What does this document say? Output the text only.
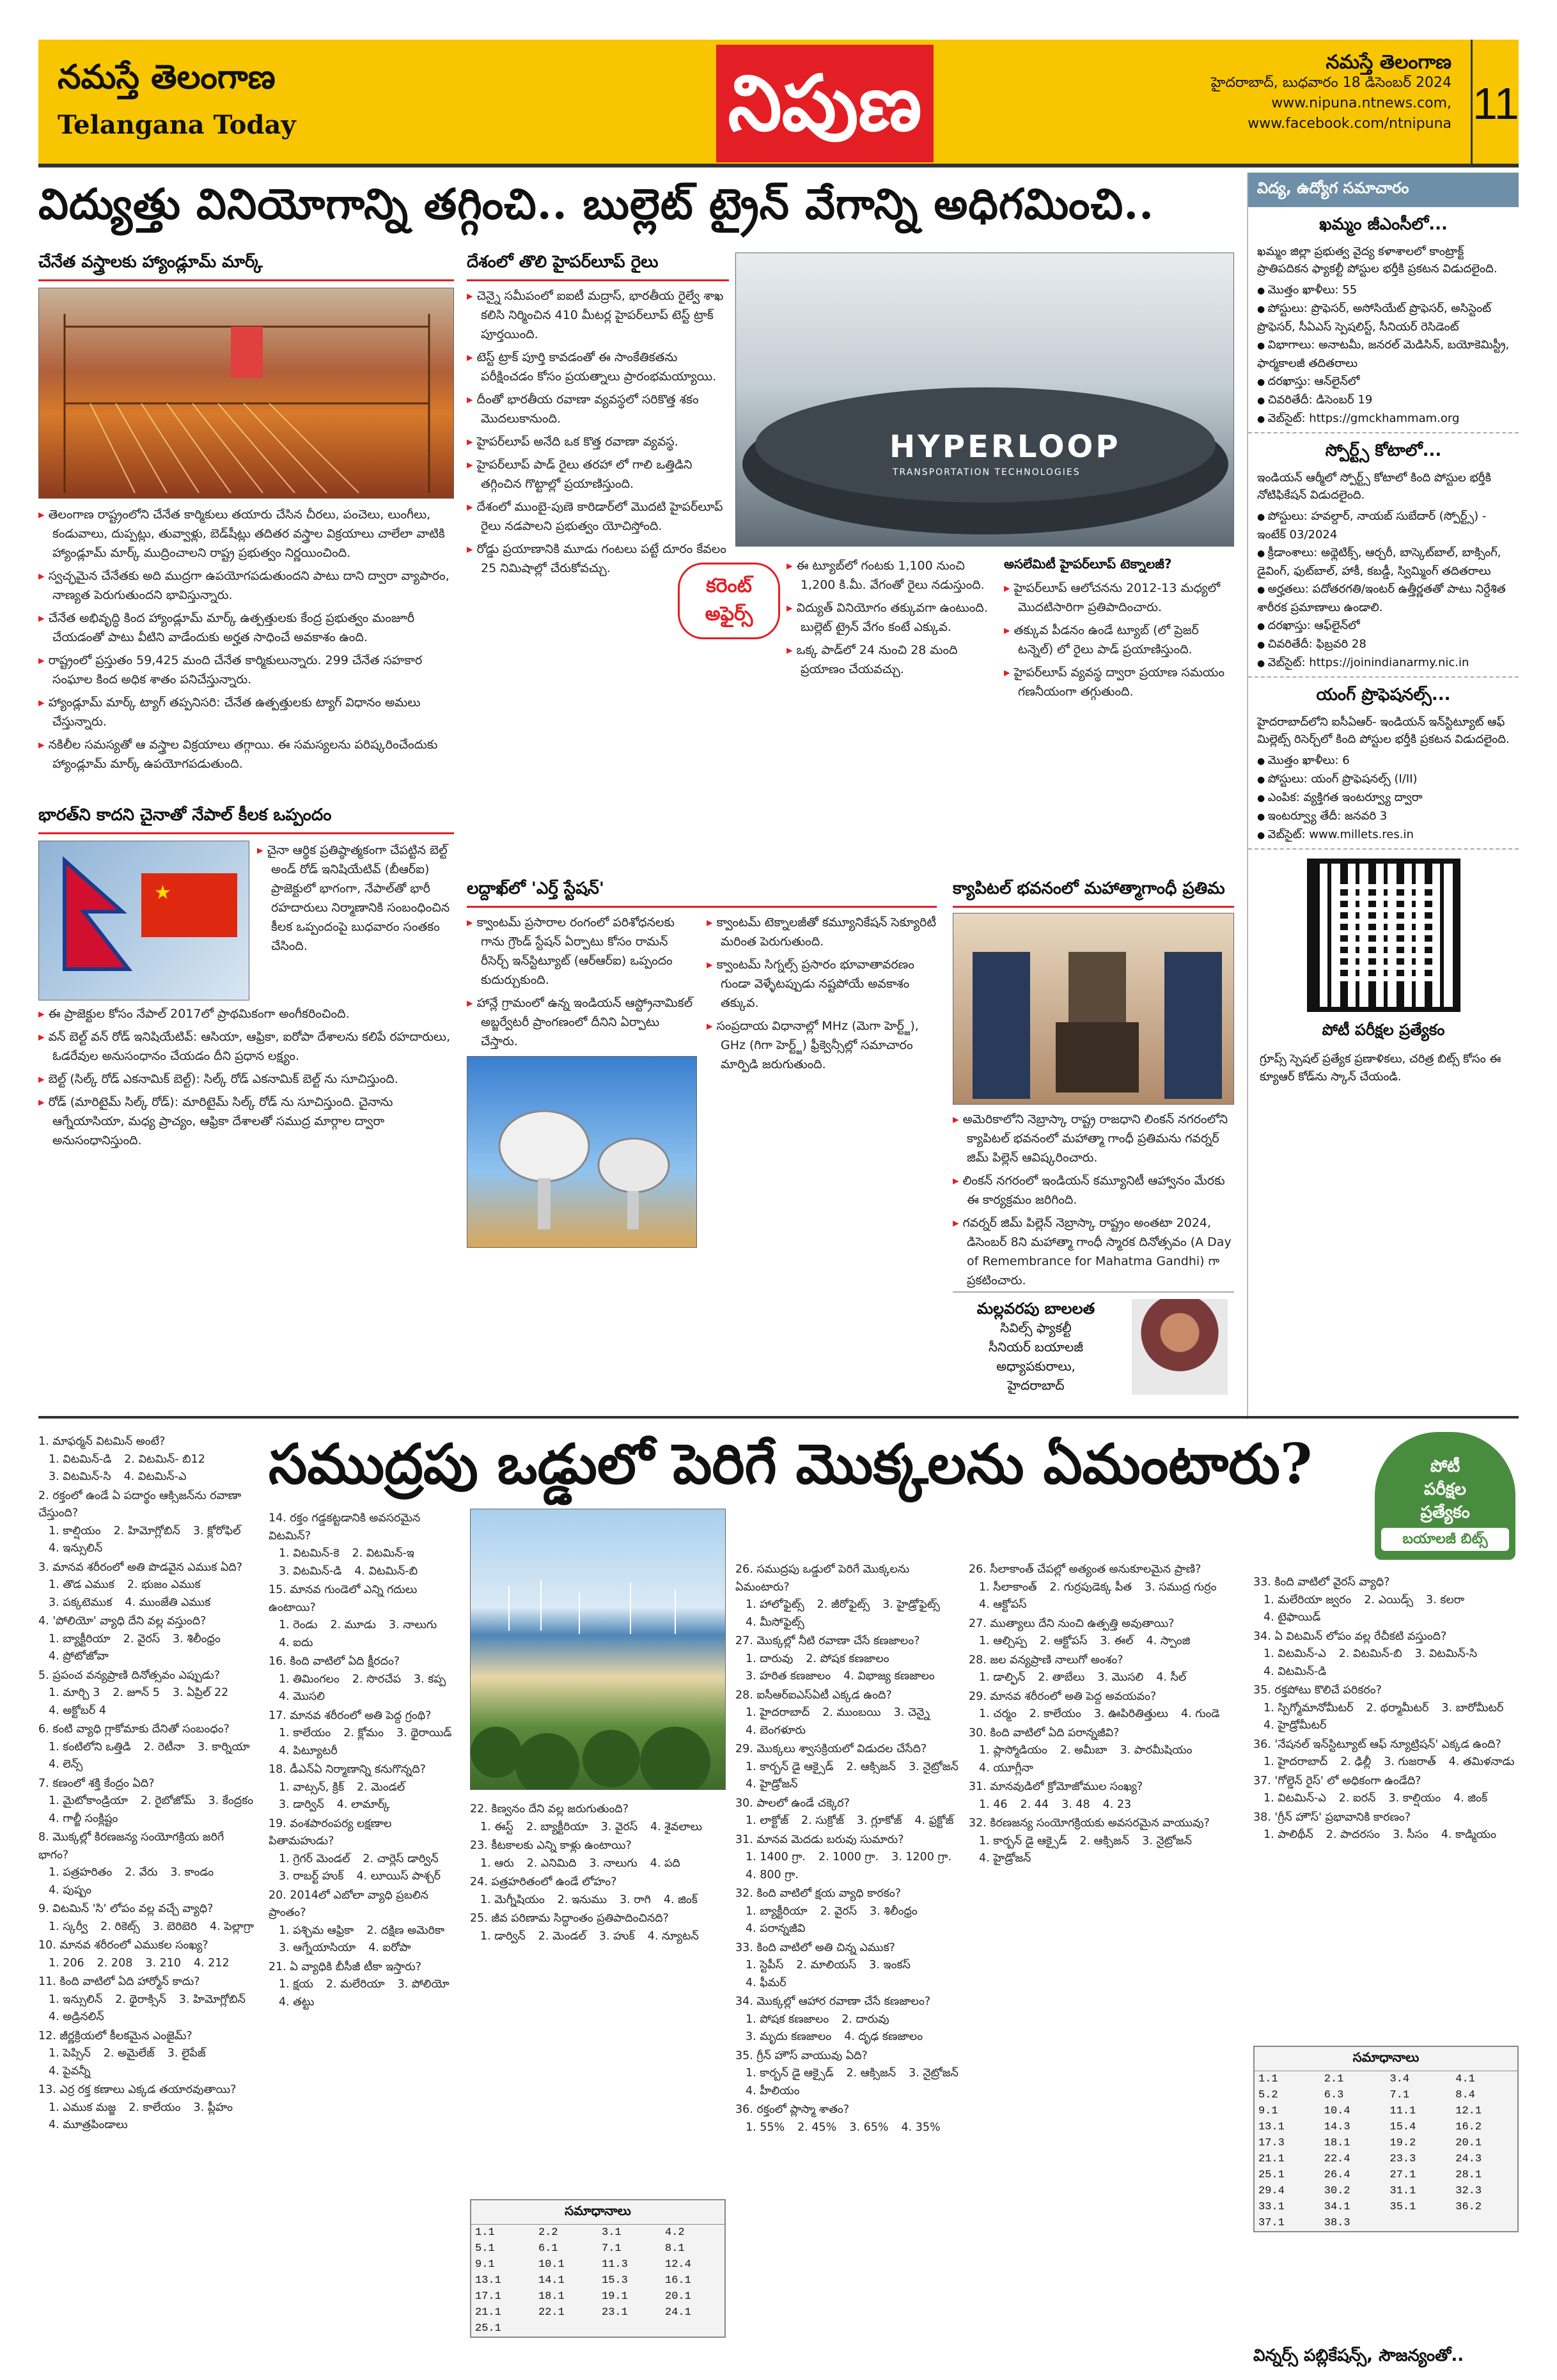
నమస్తే తెలంగాణ
Telangana Today	నిపుణ	నమస్తే తెలంగాణ
హైదరాబాద్, బుధవారం 18 డిసెంబర్ 2024
www.nipuna.ntnews.com,
www.facebook.com/ntnipuna 11
విద్యుత్తు వినియోగాన్ని తగ్గించి.. బుల్లెట్ ట్రైన్ వేగాన్ని అధిగమించి..
చేనేత వస్త్రాలకు హ్యాండ్లూమ్ మార్క్

▸ తెలంగాణ రాష్ట్రంలోని చేనేత కార్మికులు తయారు చేసిన చీరలు, పంచెలు, లుంగీలు, కండువాలు, దుప్పట్లు, తువ్వాళ్లు, బెడ్‌షీట్లు తదితర వస్త్రాల విక్రయాలు చాలేలా వాటికి హ్యాండ్లూమ్ మార్క్ ముద్రించాలని రాష్ట్ర ప్రభుత్వం నిర్ణయించింది.

▸ స్వచ్ఛమైన చేనేతకు అది ముద్రగా ఉపయోగపడుతుందని పాటు దాని ద్వారా వ్యాపారం, నాణ్యత పెరుగుతుందని భావిస్తున్నారు.

▸ చేనేత అభివృద్ధి కింద హ్యాండ్లూమ్ మార్క్ ఉత్పత్తులకు కేంద్ర ప్రభుత్వం మంజూరీ చేయడంతో పాటు వీటిని వాడేందుకు అర్హత సాధించే అవకాశం ఉంది.

▸ రాష్ట్రంలో ప్రస్తుతం 59,425 మంది చేనేత కార్మికులున్నారు. 299 చేనేత సహకార సంఘాల కింద అధిక శాతం పనిచేస్తున్నారు.

▸ హ్యాండ్లూమ్ మార్క్ ట్యాగ్ తప్పనిసరి: చేనేత ఉత్పత్తులకు ట్యాగ్ విధానం అమలు చేస్తున్నారు.

▸ నకిలీల సమస్యతో ఆ వస్త్రాల విక్రయాలు తగ్గాయి. ఈ సమస్యలను పరిష్కరించేందుకు హ్యాండ్లూమ్ మార్క్ ఉపయోగపడుతుంది.

భారత్‌ని కాదని చైనాతో నేపాల్ కీలక ఒప్పందం
★

▸ చైనా ఆర్థిక ప్రతిష్ఠాత్మకంగా చేపట్టిన బెల్ట్ అండ్ రోడ్ ఇనిషియేటివ్ (బీఆర్ఐ) ప్రాజెక్టులో భాగంగా, నేపాల్‌తో భారీ రహదారులు నిర్మాణానికి సంబంధించిన కీలక ఒప్పందంపై బుధవారం సంతకం చేసింది.

▸ ఈ ప్రాజెక్టుల కోసం నేపాల్ 2017లో ప్రాథమికంగా అంగీకరించింది.

▸ వన్ బెల్ట్ వన్ రోడ్ ఇనిషియేటివ్: ఆసియా, ఆఫ్రికా, ఐరోపా దేశాలను కలిపే రహదారులు, ఓడరేవుల అనుసంధానం చేయడం దీని ప్రధాన లక్ష్యం.

▸ బెల్ట్ (సిల్క్ రోడ్ ఎకనామిక్ బెల్ట్): సిల్క్ రోడ్ ఎకనామిక్ బెల్ట్ ను సూచిస్తుంది.

▸ రోడ్ (మారిటైమ్ సిల్క్ రోడ్): మారిటైమ్ సిల్క్ రోడ్ ను సూచిస్తుంది. చైనాను ఆగ్నేయాసియా, మధ్య ప్రాచ్యం, ఆఫ్రికా దేశాలతో సముద్ర మార్గాల ద్వారా అనుసంధానిస్తుంది.

దేశంలో తొలి హైపర్‌లూప్ రైలు

▸ చెన్నై సమీపంలో ఐఐటీ మద్రాస్, భారతీయ రైల్వే శాఖ కలిసి నిర్మించిన 410 మీటర్ల హైపర్‌లూప్ టెస్ట్ ట్రాక్ పూర్తయింది.

▸ టెస్ట్ ట్రాక్ పూర్తి కావడంతో ఈ సాంకేతికతను పరీక్షించడం కోసం ప్రయత్నాలు ప్రారంభమయ్యాయి.

▸ దీంతో భారతీయ రవాణా వ్యవస్థలో సరికొత్త శకం మొదలుకానుంది.

▸ హైపర్‌లూప్ అనేది ఒక కొత్త రవాణా వ్యవస్థ.

▸ హైపర్‌లూప్ పాడ్ రైలు తరహా లో గాలి ఒత్తిడిని తగ్గించిన గొట్టాల్లో ప్రయాణిస్తుంది.

▸ దేశంలో ముంబై-పుణె కారిడార్‌లో మొదటి హైపర్‌లూప్ రైలు నడపాలని ప్రభుత్వం యోచిస్తోంది.

▸ రోడ్డు ప్రయాణానికి మూడు గంటలు పట్టే దూరం కేవలం 25 నిమిషాల్లో చేరుకోవచ్చు.

HYPERLOOP
TRANSPORTATION TECHNOLOGIES
కరెంట్ అఫైర్స్

▸ ఈ ట్యూబ్‌లో గంటకు 1,100 నుంచి 1,200 కి.మీ. వేగంతో రైలు నడుస్తుంది.

▸ విద్యుత్ వినియోగం తక్కువగా ఉంటుంది. బుల్లెట్ ట్రైన్ వేగం కంటే ఎక్కువ.

▸ ఒక్క పాడ్‌లో 24 నుంచి 28 మంది ప్రయాణం చేయవచ్చు.

అసలేమిటీ హైపర్‌లూప్ టెక్నాలజీ?

▸ హైపర్‌లూప్ ఆలోచనను 2012-13 మధ్యలో మొదటిసారిగా ప్రతిపాదించారు.

▸ తక్కువ పీడనం ఉండే ట్యూబ్ (లో ప్రెజర్ టన్నెల్) లో రైలు పాడ్ ప్రయాణిస్తుంది.

▸ హైపర్‌లూప్ వ్యవస్థ ద్వారా ప్రయాణ సమయం గణనీయంగా తగ్గుతుంది.

లద్దాఖ్‌లో 'ఎర్త్ స్టేషన్'

▸ క్వాంటమ్ ప్రసారాల రంగంలో పరిశోధనలకు గాను గ్రౌండ్ స్టేషన్ ఏర్పాటు కోసం రామన్ రీసెర్చ్ ఇన్‌స్టిట్యూట్ (ఆర్ఆర్ఐ) ఒప్పందం కుదుర్చుకుంది.

▸ హాన్లే గ్రామంలో ఉన్న ఇండియన్ ఆస్ట్రోనామికల్ అబ్జర్వేటరీ ప్రాంగణంలో దీనిని ఏర్పాటు చేస్తారు.

▸ క్వాంటమ్ టెక్నాలజీతో కమ్యూనికేషన్ సెక్యూరిటీ మరింత పెరుగుతుంది.

▸ క్వాంటమ్ సిగ్నల్స్ ప్రసారం భూవాతావరణం గుండా వెళ్ళేటప్పుడు నష్టపోయే అవకాశం తక్కువ.

▸ సంప్రదాయ విధానాల్లో MHz (మెగా హెర్ట్జ్), GHz (గిగా హెర్ట్జ్) ఫ్రీక్వెన్సీల్లో సమాచారం మార్పిడి జరుగుతుంది.

క్యాపిటల్ భవనంలో మహాత్మాగాంధీ ప్రతిమ

▸ అమెరికాలోని నెబ్రాస్కా రాష్ట్ర రాజధాని లింకన్ నగరంలోని క్యాపిటల్ భవనంలో మహాత్మా గాంధీ ప్రతిమను గవర్నర్ జిమ్ పిల్లెన్ ఆవిష్కరించారు.

▸ లింకన్ నగరంలో ఇండియన్ కమ్యూనిటీ ఆహ్వానం మేరకు ఈ కార్యక్రమం జరిగింది.

▸ గవర్నర్ జిమ్ పిల్లెన్ నెబ్రాస్కా రాష్ట్రం అంతటా 2024, డిసెంబర్ 8ని మహాత్మా గాంధీ స్మారక దినోత్సవం (A Day of Remembrance for Mahatma Gandhi) గా ప్రకటించారు.

మల్లవరపు బాలలత
సివిల్స్ ఫ్యాకల్టీ
సీనియర్ బయాలజీ అధ్యాపకురాలు,
హైదరాబాద్
విద్య, ఉద్యోగ సమాచారం
ఖమ్మం జీఎంసీలో...
ఖమ్మం జిల్లా ప్రభుత్వ వైద్య కళాశాలలో కాంట్రాక్ట్ ప్రాతిపదికన ఫ్యాకల్టీ పోస్టుల భర్తీకి ప్రకటన విడుదలైంది.
● మొత్తం ఖాళీలు: 55
● పోస్టులు: ప్రొఫెసర్, అసోసియేట్ ప్రొఫెసర్, అసిస్టెంట్ ప్రొఫెసర్, సీఏఎస్ స్పెషలిస్ట్, సీనియర్ రెసిడెంట్
● విభాగాలు: అనాటమీ, జనరల్ మెడిసిన్, బయోకెమిస్ట్రీ, ఫార్మకాలజీ తదితరాలు
● దరఖాస్తు: ఆన్‌లైన్‌లో
● చివరితేదీ: డిసెంబర్ 19
● వెబ్‌సైట్: https://gmckhammam.org
స్పోర్ట్స్ కోటాలో...
ఇండియన్ ఆర్మీలో స్పోర్ట్స్ కోటాలో కింది పోస్టుల భర్తీకి నోటిఫికేషన్ విడుదలైంది.
● పోస్టులు: హవల్దార్, నాయబ్ సుబేదార్ (స్పోర్ట్స్) - ఇంటేక్ 03/2024
● క్రీడాంశాలు: అథ్లెటిక్స్, ఆర్చరీ, బాస్కెట్‌బాల్, బాక్సింగ్, డైవింగ్, ఫుట్‌బాల్, హాకీ, కబడ్డీ, స్విమ్మింగ్ తదితరాలు
● అర్హతలు: పదోతరగతి/ఇంటర్ ఉత్తీర్ణతతో పాటు నిర్దేశిత శారీరక ప్రమాణాలు ఉండాలి.
● దరఖాస్తు: ఆఫ్‌లైన్‌లో
● చివరితేదీ: ఫిబ్రవరి 28
● వెబ్‌సైట్: https://joinindianarmy.nic.in
యంగ్ ప్రొఫెషనల్స్...
హైదరాబాద్‌లోని ఐసీఏఆర్- ఇండియన్ ఇన్‌స్టిట్యూట్ ఆఫ్ మిల్లెట్స్ రిసెర్చ్‌లో కింది పోస్టుల భర్తీకి ప్రకటన విడుదలైంది.
● మొత్తం ఖాళీలు: 6
● పోస్టులు: యంగ్ ప్రొఫెషనల్స్ (I/II)
● ఎంపిక: వ్యక్తిగత ఇంటర్వ్యూ ద్వారా
● ఇంటర్వ్యూ తేదీ: జనవరి 3
● వెబ్‌సైట్: www.millets.res.in
పోటీ పరీక్షల ప్రత్యేకం
గ్రూప్స్ స్పెషల్ ప్రత్యేక ప్రణాళికలు, చరిత్ర బిట్స్ కోసం ఈ క్యూఆర్ కోడ్‌ను స్కాన్ చేయండి.
సముద్రపు ఒడ్డులో పెరిగే మొక్కలను ఏమంటారు?	పోటీ
పరీక్షల
ప్రత్యేకం
బయాలజీ బిట్స్
1. మాఫర్మన్ విటమిన్ అంటే?
1. విటమిన్-డి 2. విటమిన్- బి12
3. విటమిన్-సి 4. విటమిన్-ఎ
2. రక్తంలో ఉండే ఏ పదార్థం ఆక్సిజన్‌ను రవాణా చేస్తుంది?
1. కాల్షియం 2. హిమోగ్లోబిన్ 3. క్లోరోఫిల్
4. ఇన్సులిన్
3. మానవ శరీరంలో అతి పొడవైన ఎముక ఏది?
1. తొడ ఎముక 2. భుజం ఎముక
3. పక్కటెముక 4. ముంజేతి ఎముక
4. 'పోలియో' వ్యాధి దేని వల్ల వస్తుంది?
1. బ్యాక్టీరియా 2. వైరస్ 3. శిలీంధ్రం
4. ప్రోటోజోవా
5. ప్రపంచ వన్యప్రాణి దినోత్సవం ఎప్పుడు?
1. మార్చి 3 2. జూన్ 5 3. ఏప్రిల్ 22
4. అక్టోబర్ 4
6. కంటి వ్యాధి గ్లాకోమాకు దేనితో సంబంధం?
1. కంటిలోని ఒత్తిడి 2. రెటీనా 3. కార్నియా
4. లెన్స్
7. కణంలో శక్తి కేంద్రం ఏది?
1. మైటోకాండ్రియా 2. రైబోజోమ్ 3. కేంద్రకం
4. గాల్జీ సంక్లిష్టం
8. మొక్కల్లో కిరణజన్య సంయోగక్రియ జరిగే భాగం?
1. పత్రహరితం 2. వేరు 3. కాండం
4. పుష్పం
9. విటమిన్ 'సి' లోపం వల్ల వచ్చే వ్యాధి?
1. స్కర్వీ 2. రికెట్స్ 3. బెరిబెరి 4. పెల్లాగ్రా
10. మానవ శరీరంలో ఎముకల సంఖ్య?
1. 206 2. 208 3. 210 4. 212
11. కింది వాటిలో ఏది హార్మోన్ కాదు?
1. ఇన్సులిన్ 2. థైరాక్సిన్ 3. హిమోగ్లోబిన్
4. అడ్రినలిన్
12. జీర్ణక్రియలో కీలకమైన ఎంజైమ్?
1. పెప్సిన్ 2. అమైలేజ్ 3. లైపేజ్
4. పైవన్నీ
13. ఎర్ర రక్త కణాలు ఎక్కడ తయారవుతాయి?
1. ఎముక మజ్జ 2. కాలేయం 3. ప్లీహం
4. మూత్రపిండాలు
14. రక్తం గడ్డకట్టడానికి అవసరమైన విటమిన్?
1. విటమిన్-కె 2. విటమిన్-ఇ
3. విటమిన్-డి 4. విటమిన్-బి
15. మానవ గుండెలో ఎన్ని గదులు ఉంటాయి?
1. రెండు 2. మూడు 3. నాలుగు
4. ఐదు
16. కింది వాటిలో ఏది క్షీరదం?
1. తిమింగలం 2. సొరచేప 3. కప్ప
4. మొసలి
17. మానవ శరీరంలో అతి పెద్ద గ్రంథి?
1. కాలేయం 2. క్లోమం 3. థైరాయిడ్
4. పిట్యూటరీ
18. డీఎన్ఏ నిర్మాణాన్ని కనుగొన్నది?
1. వాట్సన్, క్రిక్ 2. మెండల్
3. డార్విన్ 4. లామార్క్
19. వంశపారంపర్య లక్షణాల పితామహుడు?
1. గ్రెగర్ మెండల్ 2. చార్లెస్ డార్విన్
3. రాబర్ట్ హుక్ 4. లూయిస్ పాశ్చర్
20. 2014లో ఎబోలా వ్యాధి ప్రబలిన ప్రాంతం?
1. పశ్చిమ ఆఫ్రికా 2. దక్షిణ అమెరికా
3. ఆగ్నేయాసియా 4. ఐరోపా
21. ఏ వ్యాధికి బీసీజీ టీకా ఇస్తారు?
1. క్షయ 2. మలేరియా 3. పోలియో
4. తట్టు
22. కిణ్వనం దేని వల్ల జరుగుతుంది?
1. ఈస్ట్ 2. బ్యాక్టీరియా 3. వైరస్ 4. శైవలాలు
23. కీటకాలకు ఎన్ని కాళ్లు ఉంటాయి?
1. ఆరు 2. ఎనిమిది 3. నాలుగు 4. పది
24. పత్రహరితంలో ఉండే లోహం?
1. మెగ్నీషియం 2. ఇనుము 3. రాగి 4. జింక్
25. జీవ పరిణామ సిద్ధాంతం ప్రతిపాదించినది?
1. డార్విన్ 2. మెండల్ 3. హుక్ 4. న్యూటన్
సమాధానాలు
1.1	2.2	3.1	4.2
5.1	6.1	7.1	8.1
9.1	10.1	11.3	12.4
13.1	14.1	15.3	16.1
17.1	18.1	19.1	20.1
21.1	22.1	23.1	24.1
25.1			
26. సముద్రపు ఒడ్డులో పెరిగే మొక్కలను ఏమంటారు?
1. హాలోఫైట్స్ 2. జీరోఫైట్స్ 3. హైడ్రోఫైట్స్
4. మీసోఫైట్స్
27. మొక్కల్లో నీటి రవాణా చేసే కణజాలం?
1. దారువు 2. పోషక కణజాలం
3. హరిత కణజాలం 4. విభాజ్య కణజాలం
28. ఐసీఆర్ఐఎస్ఏటీ ఎక్కడ ఉంది?
1. హైదరాబాద్ 2. ముంబయి 3. చెన్నై
4. బెంగళూరు
29. మొక్కలు శ్వాసక్రియలో విడుదల చేసేది?
1. కార్బన్ డై ఆక్సైడ్ 2. ఆక్సిజన్ 3. నైట్రోజన్
4. హైడ్రోజన్
30. పాలలో ఉండే చక్కెర?
1. లాక్టోజ్ 2. సుక్రోజ్ 3. గ్లూకోజ్ 4. ఫ్రక్టోజ్
31. మానవ మెదడు బరువు సుమారు?
1. 1400 గ్రా. 2. 1000 గ్రా. 3. 1200 గ్రా.
4. 800 గ్రా.
32. కింది వాటిలో క్షయ వ్యాధి కారకం?
1. బ్యాక్టీరియా 2. వైరస్ 3. శిలీంధ్రం
4. పరాన్నజీవి
33. కింది వాటిలో అతి చిన్న ఎముక?
1. స్టెపీస్ 2. మాలియస్ 3. ఇంకస్
4. ఫీమర్
34. మొక్కల్లో ఆహార రవాణా చేసే కణజాలం?
1. పోషక కణజాలం 2. దారువు
3. మృదు కణజాలం 4. దృఢ కణజాలం
35. గ్రీన్ హౌస్ వాయువు ఏది?
1. కార్బన్ డై ఆక్సైడ్ 2. ఆక్సిజన్ 3. నైట్రోజన్
4. హీలియం
36. రక్తంలో ప్లాస్మా శాతం?
1. 55% 2. 45% 3. 65% 4. 35%
26. సీలాకాంత్ చేపల్లో అత్యంత అనుకూలమైన ప్రాణి?
1. సీలాకాంత్ 2. గుర్రపుడెక్క పీత 3. సముద్ర గుర్రం
4. ఆక్టోపస్
27. ముత్యాలు దేని నుంచి ఉత్పత్తి అవుతాయి?
1. ఆల్చిప్ప 2. ఆక్టోపస్ 3. ఈల్ 4. స్పాంజి
28. జల వన్యప్రాణి నాలుగో అంశం?
1. డాల్ఫిన్ 2. తాబేలు 3. మొసలి 4. సీల్
29. మానవ శరీరంలో అతి పెద్ద అవయవం?
1. చర్మం 2. కాలేయం 3. ఊపిరితిత్తులు 4. గుండె
30. కింది వాటిలో ఏది పరాన్నజీవి?
1. ప్లాస్మోడియం 2. అమీబా 3. పారమీషియం
4. యూగ్లీనా
31. మానవుడిలో క్రోమోజోముల సంఖ్య?
1. 46 2. 44 3. 48 4. 23
32. కిరణజన్య సంయోగక్రియకు అవసరమైన వాయువు?
1. కార్బన్ డై ఆక్సైడ్ 2. ఆక్సిజన్ 3. నైట్రోజన్
4. హైడ్రోజన్
33. కింది వాటిలో వైరస్ వ్యాధి?
1. మలేరియా జ్వరం 2. ఎయిడ్స్ 3. కలరా
4. టైఫాయిడ్
34. ఏ విటమిన్ లోపం వల్ల రేచీకటి వస్తుంది?
1. విటమిన్-ఎ 2. విటమిన్-బి 3. విటమిన్-సి
4. విటమిన్-డి
35. రక్తపోటు కొలిచే పరికరం?
1. స్పిగ్మోమానోమీటర్ 2. థర్మామీటర్ 3. బారోమీటర్
4. హైడ్రోమీటర్
36. 'నేషనల్ ఇన్‌స్టిట్యూట్ ఆఫ్ న్యూట్రిషన్' ఎక్కడ ఉంది?
1. హైదరాబాద్ 2. ఢిల్లీ 3. గుజరాత్ 4. తమిళనాడు
37. 'గోల్డెన్ రైస్' లో అధికంగా ఉండేది?
1. విటమిన్-ఎ 2. ఐరన్ 3. కాల్షియం 4. జింక్
38. 'గ్రీన్ హౌస్' ప్రభావానికి కారణం?
1. పాలిథీన్ 2. పాదరసం 3. సీసం 4. కాడ్మియం
సమాధానాలు
1.1	2.1	3.4	4.1
5.2	6.3	7.1	8.4
9.1	10.4	11.1	12.1
13.1	14.3	15.4	16.2
17.3	18.1	19.2	20.1
21.1	22.4	23.3	24.3
25.1	26.4	27.1	28.1
29.4	30.2	31.1	32.3
33.1	34.1	35.1	36.2
37.1	38.3		
విన్నర్స్ పబ్లికేషన్స్, సౌజన్యంతో..
